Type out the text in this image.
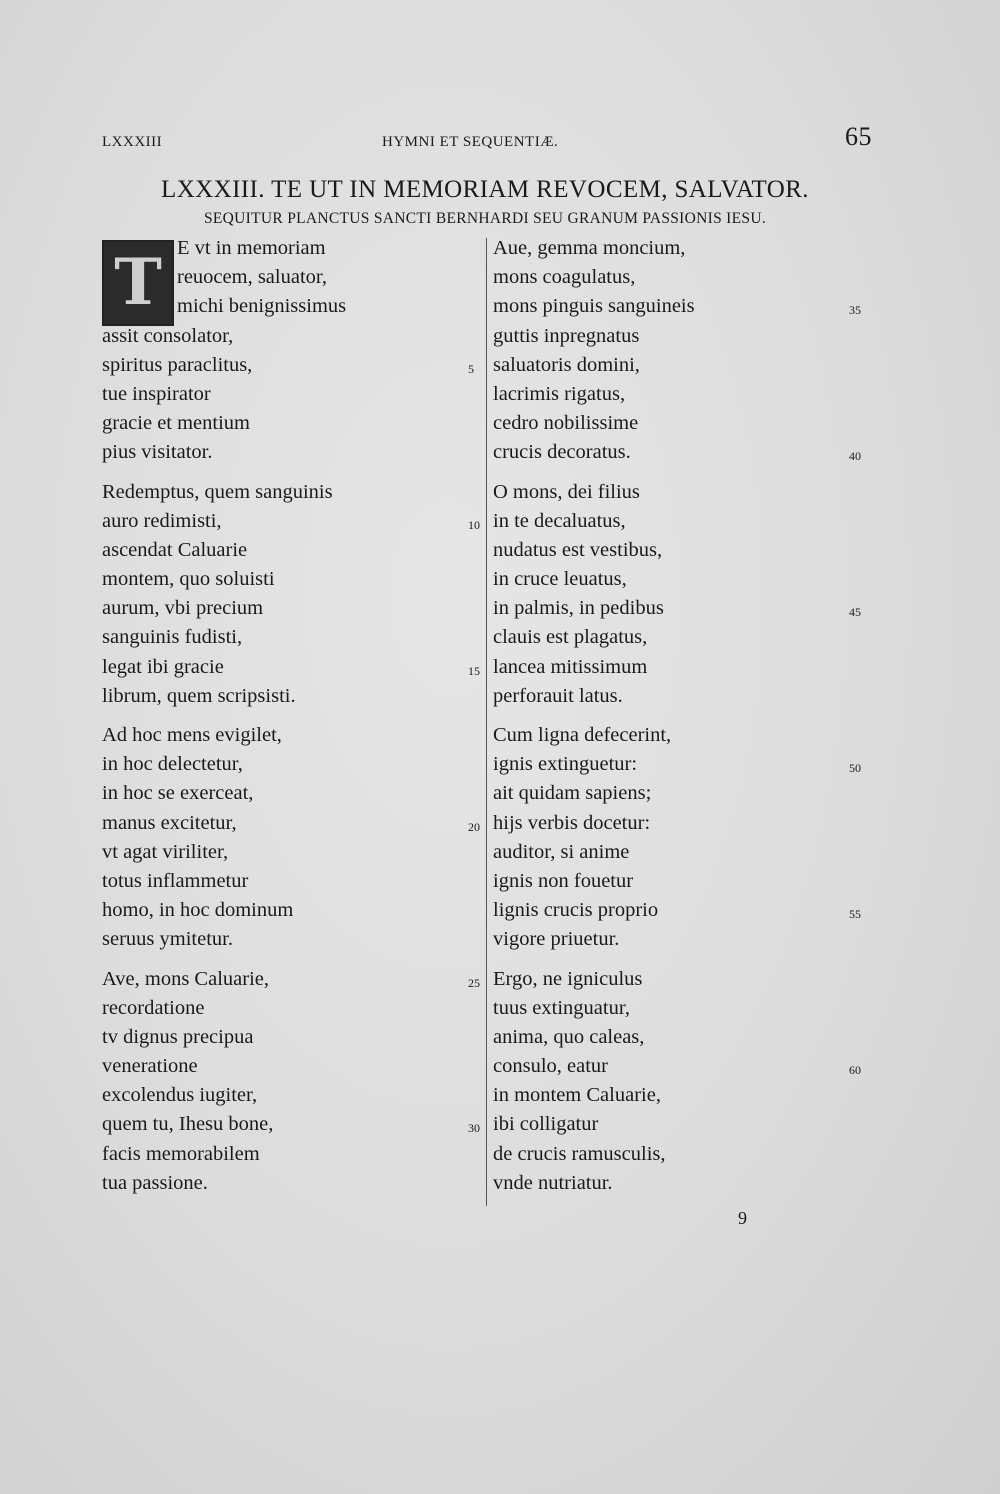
LXXXIII	HYMNI ET SEQUENTIÆ.	65
LXXXIII. TE UT IN MEMORIAM REVOCEM, SALVATOR.
SEQUITUR PLANCTUS SANCTI BERNHARDI SEU GRANUM PASSIONIS IESU.
T E vt in memoriam
reuocem, saluator,
michi benignissimus
assit consolator,
spiritus paraclitus,	5
tue inspirator
gracie et mentium
pius visitator.
Redemptus, quem sanguinis
auro redimisti,	10
ascendat Caluarie
montem, quo soluisti
aurum, vbi precium
sanguinis fudisti,
legat ibi gracie	15
librum, quem scripsisti.
Ad hoc mens evigilet,
in hoc delectetur,
in hoc se exerceat,
manus excitetur,	20
vt agat viriliter,
totus inflammetur
homo, in hoc dominum
seruus ymitetur.
Ave, mons Caluarie,	25
recordatione
tv dignus precipua
veneratione
excolendus iugiter,
quem tu, Ihesu bone,	30
facis memorabilem
tua passione.
Aue, gemma moncium,
mons coagulatus,
mons pinguis sanguineis	35
guttis inpregnatus
saluatoris domini,
lacrimis rigatus,
cedro nobilissime
crucis decoratus.	40
O mons, dei filius
in te decaluatus,
nudatus est vestibus,
in cruce leuatus,
in palmis, in pedibus	45
clauis est plagatus,
lancea mitissimum
perforauit latus.
Cum ligna defecerint,
ignis extinguetur:	50
ait quidam sapiens;
hijs verbis docetur:
auditor, si anime
ignis non fouetur
lignis crucis proprio	55
vigore priuetur.
Ergo, ne igniculus
tuus extinguatur,
anima, quo caleas,
consulo, eatur	60
in montem Caluarie,
ibi colligatur
de crucis ramusculis,
vnde nutriatur.
9
